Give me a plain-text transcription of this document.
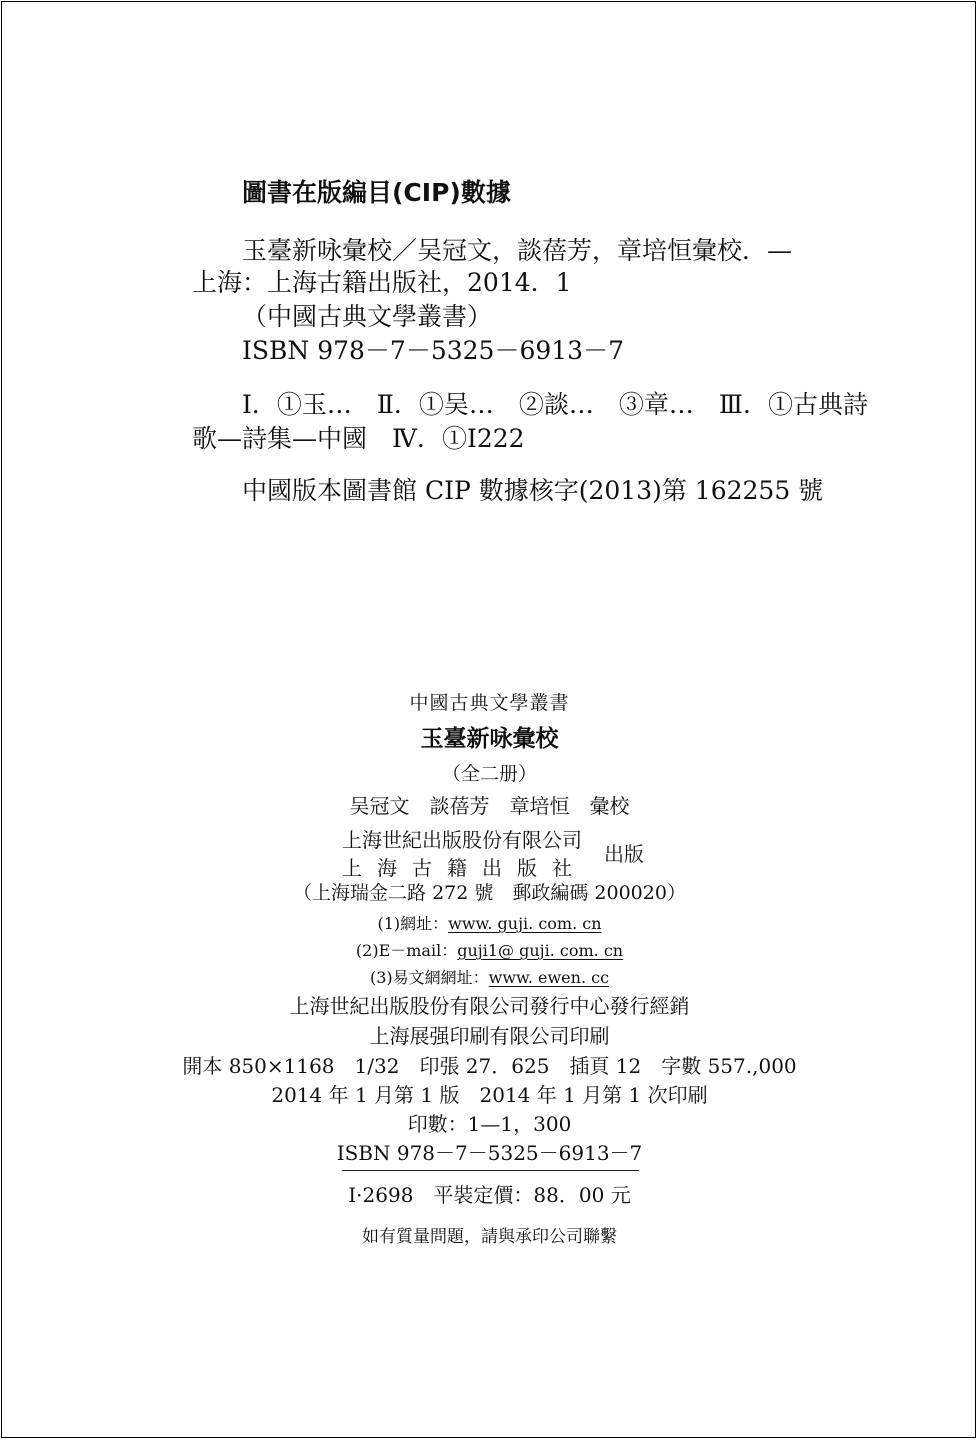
圖書在版編目(CIP)數據
玉臺新咏彙校／吴冠文，談蓓芳，章培恒彙校．—
上海：上海古籍出版社，2014．1
（中國古典文學叢書）
ISBN 978－7－5325－6913－7
Ⅰ．①玉…　Ⅱ．①吴…　②談…　③章…　Ⅲ．①古典詩
歌—詩集—中國　Ⅳ．①I222
中國版本圖書館 CIP 數據核字(2013)第 162255 號
中國古典文學叢書
玉臺新咏彙校
（全二册）
吴冠文　談蓓芳　章培恒　彙校
上海世紀出版股份有限公司
上海古籍出版社
出版
（上海瑞金二路 272 號　郵政編碼 200020）
(1)網址：www. guji. com. cn
(2)E－mail：guji1@ guji. com. cn
(3)易文網網址：www. ewen. cc
上海世紀出版股份有限公司發行中心發行經銷
上海展强印刷有限公司印刷
開本 850×1168　1/32　印張 27．625　插頁 12　字數 557.,000
2014 年 1 月第 1 版　2014 年 1 月第 1 次印刷
印數：1—1，300
ISBN 978－7－5325－6913－7
I·2698　平裝定價：88．00 元
如有質量問題，請與承印公司聯繫
